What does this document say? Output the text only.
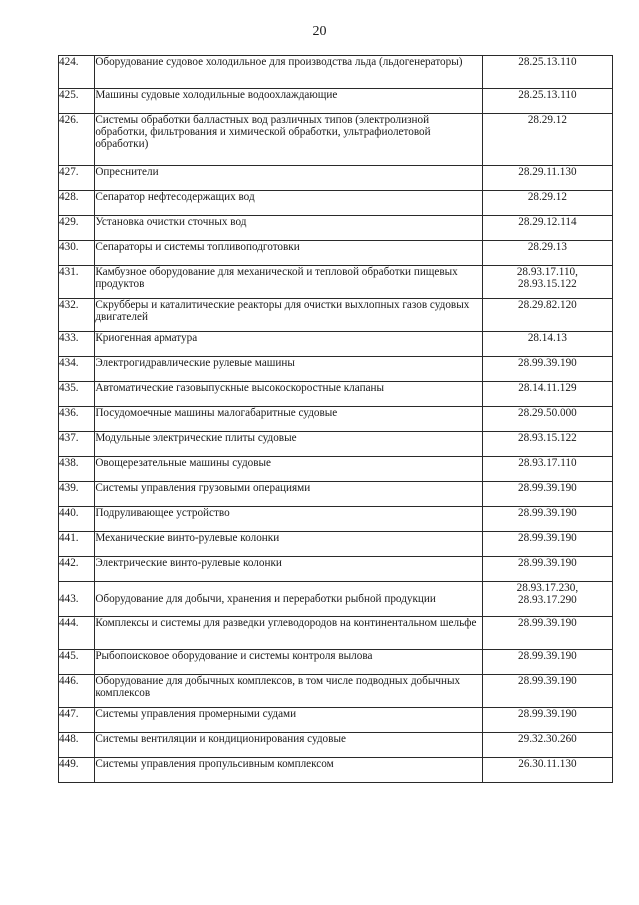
20
424.	Оборудование судовое холодильное для производства льда (льдогенераторы)	28.25.13.110

425.	Машины судовые холодильные водоохлаждающие	28.25.13.110

426.	Системы обработки балластных вод различных типов (электролизной обработки, фильтрования и химической обработки, ультрафиолетовой обработки)	28.29.12

427.	Опреснители	28.29.11.130

428.	Сепаратор нефтесодержащих вод	28.29.12

429.	Установка очистки сточных вод	28.29.12.114

430.	Сепараторы и системы топливоподготовки	28.29.13

431.	Камбузное оборудование для механической и тепловой обработки пищевых продуктов	28.93.17.110,
28.93.15.122

432.	Скрубберы и каталитические реакторы для очистки выхлопных газов судовых двигателей	28.29.82.120

433.	Криогенная арматура	28.14.13

434.	Электрогидравлические рулевые машины	28.99.39.190

435.	Автоматические газовыпускные высокоскоростные клапаны	28.14.11.129

436.	Посудомоечные машины малогабаритные судовые	28.29.50.000

437.	Модульные электрические плиты судовые	28.93.15.122

438.	Овощерезательные машины судовые	28.93.17.110

439.	Системы управления грузовыми операциями	28.99.39.190

440.	Подруливающее устройство	28.99.39.190

441.	Механические винто-рулевые колонки	28.99.39.190

442.	Электрические винто-рулевые колонки	28.99.39.190

443.	Оборудование для добычи, хранения и переработки рыбной продукции	28.93.17.230,
28.93.17.290

444.	Комплексы и системы для разведки углеводородов на континентальном шельфе	28.99.39.190

445.	Рыбопоисковое оборудование и системы контроля вылова	28.99.39.190

446.	Оборудование для добычных комплексов, в том числе подводных добычных комплексов	28.99.39.190

447.	Системы управления промерными судами	28.99.39.190

448.	Системы вентиляции и кондиционирования судовые	29.32.30.260

449.	Системы управления пропульсивным комплексом	26.30.11.130
